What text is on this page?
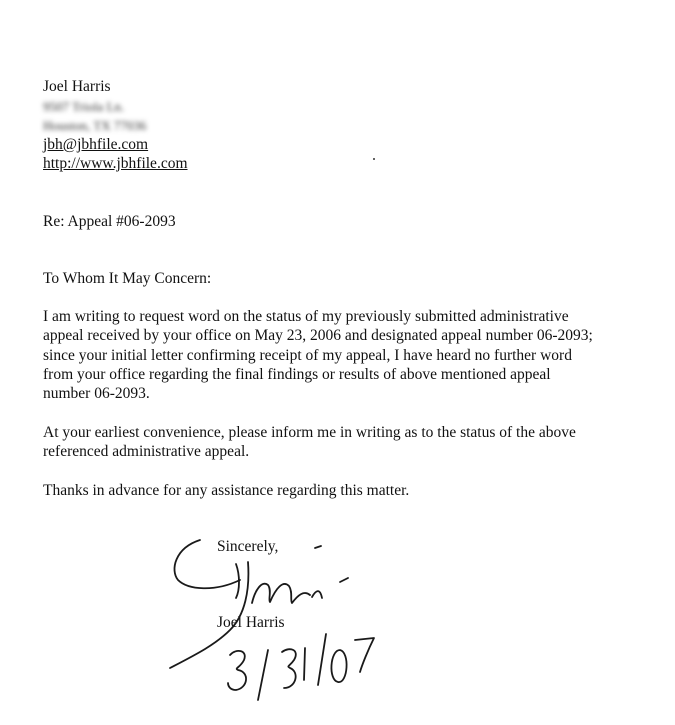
Joel Harris
9507 Triola Ln.
Houston, TX 77036
jbh@jbhfile.com
http://www.jbhfile.com
Re: Appeal #06-2093
To Whom It May Concern:
I am writing to request word on the status of my previously submitted administrative
appeal received by your office on May 23, 2006 and designated appeal number 06-2093;
since your initial letter confirming receipt of my appeal, I have heard no further word
from your office regarding the final findings or results of above mentioned appeal
number 06-2093.
At your earliest convenience, please inform me in writing as to the status of the above
referenced administrative appeal.
Thanks in advance for any assistance regarding this matter.
Sincerely,
Joel Harris
